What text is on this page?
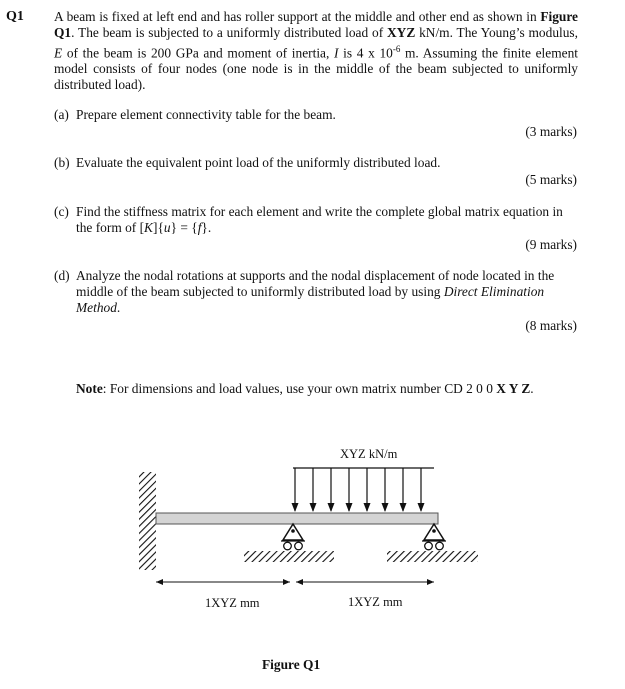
Q1 A beam is fixed at left end and has roller support at the middle and other end as shown in Figure Q1. The beam is subjected to a uniformly distributed load of XYZ kN/m. The Young’s modulus, E of the beam is 200 GPa and moment of inertia, I is 4 x $10^{-6}$ m. Assuming the finite element model consists of four nodes (one node is in the middle of the beam subjected to uniformly distributed load).
(a) Prepare element connectivity table for the beam.
(3 marks)
(b) Evaluate the equivalent point load of the uniformly distributed load.
(5 marks)
(c) Find the stiffness matrix for each element and write the complete global matrix equation in the form of [K]{u} = {f}.
(9 marks)
(d) Analyze the nodal rotations at supports and the nodal displacement of node located in the middle of the beam subjected to uniformly distributed load by using Direct Elimination Method.
(8 marks)
Note: For dimensions and load values, use your own matrix number CD 2 0 0 X Y Z.
XYZ kN/m
1XYZ mm	1XYZ mm
Figure Q1
